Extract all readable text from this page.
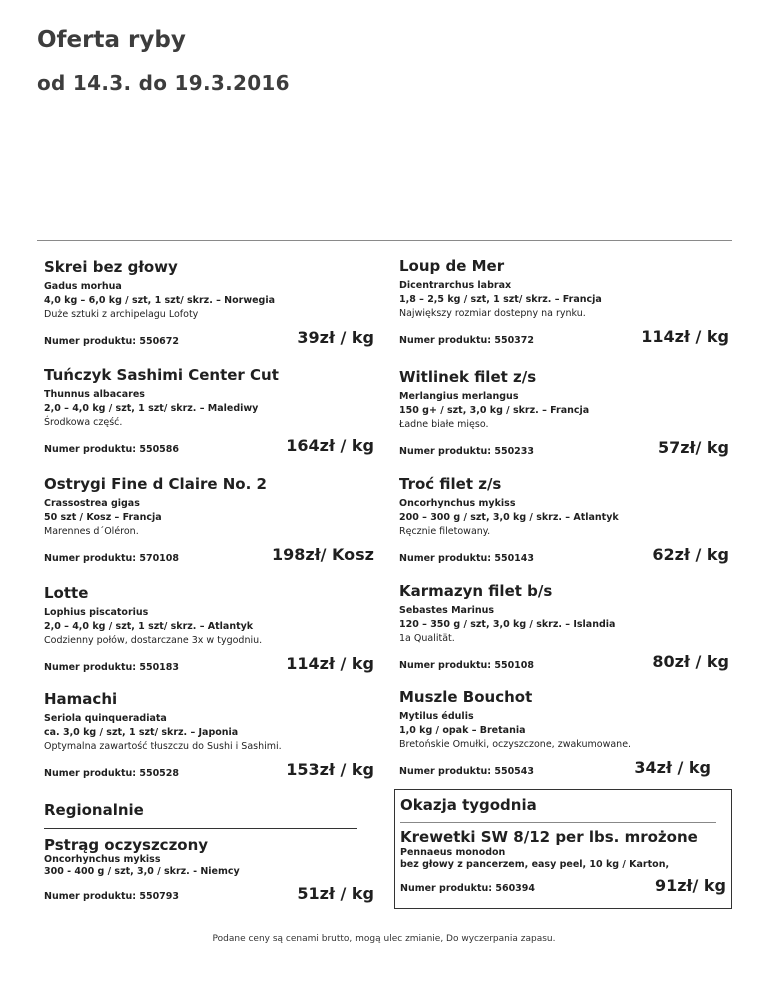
Oferta ryby
od 14.3. do 19.3.2016
Skrei bez głowy
Gadus morhua
4,0 kg – 6,0 kg / szt, 1 szt/ skrz. – Norwegia
Duże sztuki z archipelagu Lofoty
Numer produktu: 550672	39zł / kg
Tuńczyk Sashimi Center Cut
Thunnus albacares
2,0 – 4,0 kg / szt, 1 szt/ skrz. – Malediwy
Środkowa część.
Numer produktu: 550586	164zł / kg
Ostrygi Fine d Claire No. 2
Crassostrea gigas
50 szt / Kosz – Francja
Marennes d´Oléron.
Numer produktu: 570108	198zł/ Kosz
Lotte
Lophius piscatorius
2,0 – 4,0 kg / szt, 1 szt/ skrz. – Atlantyk
Codzienny połów, dostarczane 3x w tygodniu.
Numer produktu: 550183	114zł / kg
Hamachi
Seriola quinqueradiata
ca. 3,0 kg / szt, 1 szt/ skrz. – Japonia
Optymalna zawartość tłuszczu do Sushi i Sashimi.
Numer produktu: 550528	153zł / kg
Loup de Mer
Dicentrarchus labrax
1,8 – 2,5 kg / szt, 1 szt/ skrz. – Francja
Największy rozmiar dostepny na rynku.
Numer produktu: 550372	114zł / kg
Witlinek filet z/s
Merlangius merlangus
150 g+ / szt, 3,0 kg / skrz. – Francja
Ładne białe mięso.
Numer produktu: 550233	57zł/ kg
Troć filet z/s
Oncorhynchus mykiss
200 – 300 g / szt, 3,0 kg / skrz. – Atlantyk
Ręcznie filetowany.
Numer produktu: 550143	62zł / kg
Karmazyn filet b/s
Sebastes Marinus
120 – 350 g / szt, 3,0 kg / skrz. – Islandia
1a Qualität.
Numer produktu: 550108	80zł / kg
Muszle Bouchot
Mytilus édulis
1,0 kg / opak – Bretania
Bretońskie Omułki, oczyszczone, zwakumowane.
Numer produktu: 550543	34zł / kg
Regionalnie
Pstrąg oczyszczony
Oncorhynchus mykiss
300 - 400 g / szt, 3,0 / skrz. - Niemcy
Numer produktu: 550793	51zł / kg
Okazja tygodnia
Krewetki SW 8/12 per lbs. mrożone
Pennaeus monodon
bez głowy z pancerzem, easy peel, 10 kg / Karton,
Numer produktu: 560394	91zł/ kg
Podane ceny są cenami brutto, mogą ulec zmianie, Do wyczerpania zapasu.
